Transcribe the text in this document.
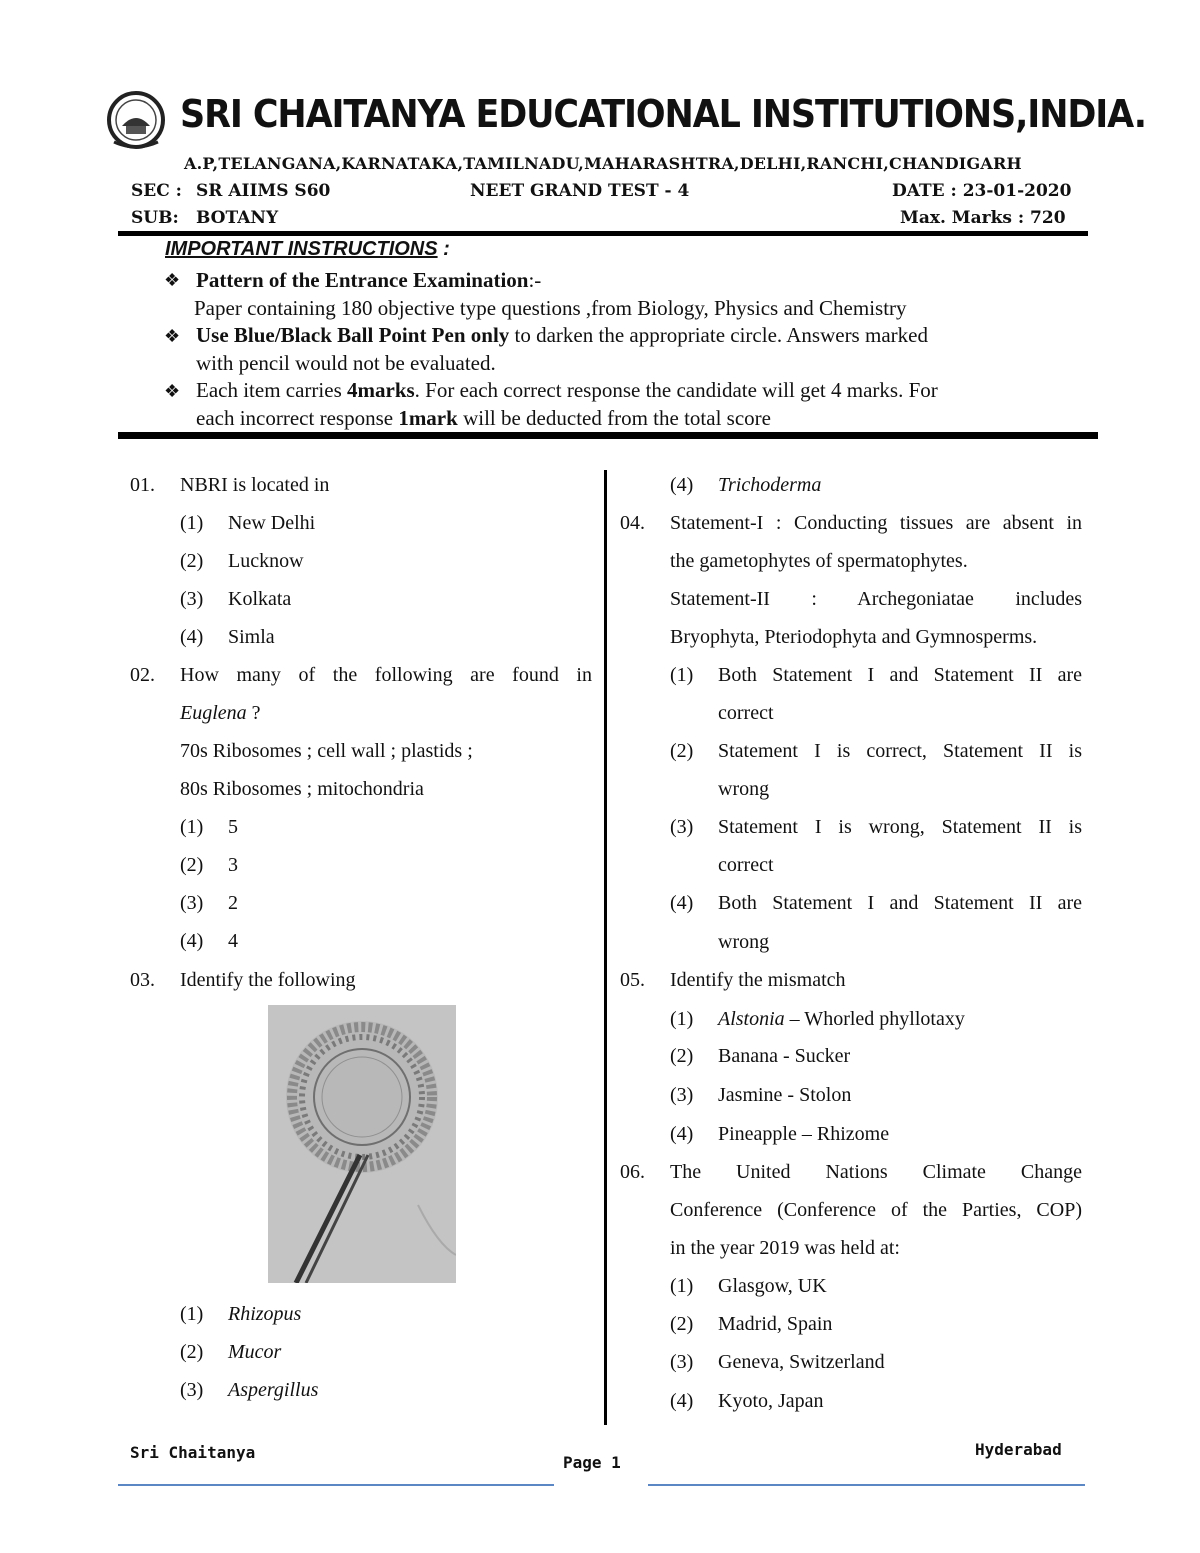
SRI CHAITANYA EDUCATIONAL INSTITUTIONS,INDIA.
A.P,TELANGANA,KARNATAKA,TAMILNADU,MAHARASHTRA,DELHI,RANCHI,CHANDIGARH
SEC : SR AIIMS S60	NEET GRAND TEST - 4	DATE : 23-01-2020
SUB: BOTANY	Max. Marks : 720
IMPORTANT INSTRUCTIONS :
❖ Pattern of the Entrance Examination:-
Paper containing 180 objective type questions ,from Biology, Physics and Chemistry
❖ Use Blue/Black Ball Point Pen only to darken the appropriate circle. Answers marked
with pencil would not be evaluated.
❖ Each item carries 4marks. For each correct response the candidate will get 4 marks. For
each incorrect response 1mark will be deducted from the total score
01. NBRI is located in
(1) New Delhi
(2) Lucknow
(3) Kolkata
(4) Simla
02. How many of the following are found in
Euglena ?
70s Ribosomes ; cell wall ; plastids ;
80s Ribosomes ; mitochondria
(1) 5
(2) 3
(3) 2
(4) 4
03. Identify the following
(1) Rhizopus
(2) Mucor
(3) Aspergillus
(4) Trichoderma
04. Statement-I : Conducting tissues are absent in
the gametophytes of spermatophytes.
Statement-II : Archegoniatae includes
Bryophyta, Pteriodophyta and Gymnosperms.
(1) Both Statement I and Statement II are
correct
(2) Statement I is correct, Statement II is
wrong
(3) Statement I is wrong, Statement II is
correct
(4) Both Statement I and Statement II are
wrong
05. Identify the mismatch
(1) Alstonia – Whorled phyllotaxy
(2) Banana - Sucker
(3) Jasmine - Stolon
(4) Pineapple – Rhizome
06. The United Nations Climate Change
Conference (Conference of the Parties, COP)
in the year 2019 was held at:
(1) Glasgow, UK
(2) Madrid, Spain
(3) Geneva, Switzerland
(4) Kyoto, Japan
Sri Chaitanya
Page 1
Hyderabad
